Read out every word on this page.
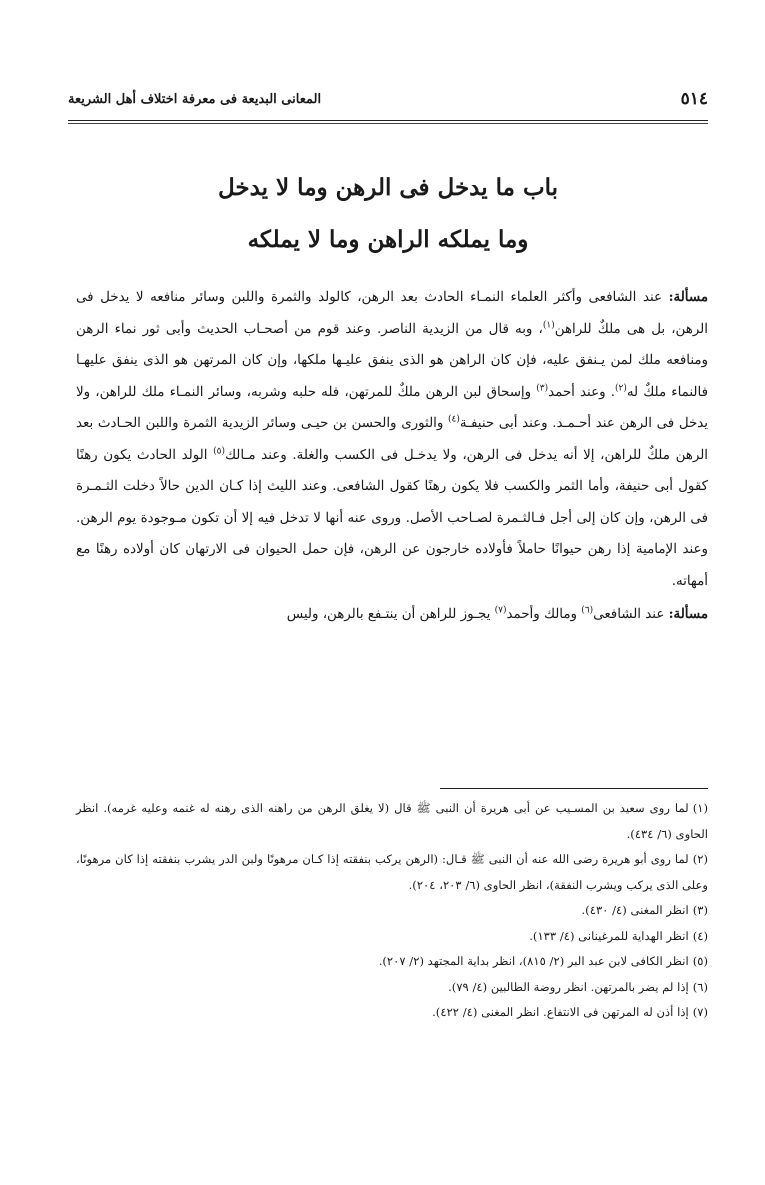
٥١٤
المعانى البديعة فى معرفة اختلاف أهل الشريعة
باب ما يدخل فى الرهن وما لا يدخل
وما يملكه الراهن وما لا يملكه

مسألة: عند الشافعى وأكثر العلماء النمـاء الحادث بعد الرهن، كالولد والثمرة واللبن وسائر منافعه لا يدخل فى الرهن، بل هى ملكٌ للراهن$^{(١)}$، وبه قال من الزيدية الناصر. وعند قوم من أصحـاب الحديث وأبى ثور نماء الرهن ومنافعه ملك لمن يـنفق عليه، فإن كان الراهن هو الذى ينفق عليـها ملكها، وإن كان المرتهن هو الذى ينفق عليهـا فالنماء ملكٌ له$^{(٢)}$. وعند أحمد$^{(٣)}$ وإسحاق لبن الرهن ملكٌ للمرتهن، فله حلبه وشربه، وسائر النمـاء ملك للراهن، ولا يدخل فى الرهن عند أحـمـد. وعند أبى حنيفـة$^{(٤)}$ والثورى والحسن بن حيـى وسائر الزيدية الثمرة واللبن الحـادث بعد الرهن ملكٌ للراهن، إلا أنه يدخل فى الرهن، ولا يدخـل فى الكسب والغلة. وعند مـالك$^{(٥)}$ الولد الحادث يكون رهنًا كقول أبى حنيفة، وأما الثمر والكسب فلا يكون رهنًا كقول الشافعى. وعند الليث إذا كـان الدين حالاً دخلت الثـمـرة فى الرهن، وإن كان إلى أجل فـالثـمرة لصـاحب الأصل. وروى عنه أنها لا تدخل فيه إلا أن تكون مـوجودة يوم الرهن. وعند الإمامية إذا رهن حيوانًا حاملاً فأولاده خارجون عن الرهن، فإن حمل الحيوان فى الارتهان كان أولاده رهنًا مع أمهاته.

مسألة: عند الشافعى$^{(٦)}$ ومالك وأحمد$^{(٧)}$ يجـوز للراهن أن ينتـفع بالرهن، وليس

(١)لما روى سعيد بن المسـيب عن أبى هريرة أن النبى ﷺ قال (لا يغلق الرهن من راهنه الذى رهنه له غنمه وعليه غرمه). انظر الحاوى (٦/ ٤٣٤).

(٢)لما روى أبو هريرة رضى الله عنه أن النبى ﷺ قـال: (الرهن يركب بنفقته إذا كـان مرهونًا ولبن الدر يشرب بنفقته إذا كان مرهونًا، وعلى الذى يركب ويشرب النفقة)، انظر الحاوى (٦/ ٢٠٣، ٢٠٤).

(٣)انظر المغنى (٤/ ٤٣٠).

(٤)انظر الهداية للمرغينانى (٤/ ١٣٣).

(٥)انظر الكافى لابن عبد البر (٢/ ٨١٥)، انظر بداية المجتهد (٢/ ٢٠٧).

(٦)إذا لم يضر بالمرتهن. انظر روضة الطالبين (٤/ ٧٩).

(٧)إذا أذن له المرتهن فى الانتفاع. انظر المغنى (٤/ ٤٢٢).
